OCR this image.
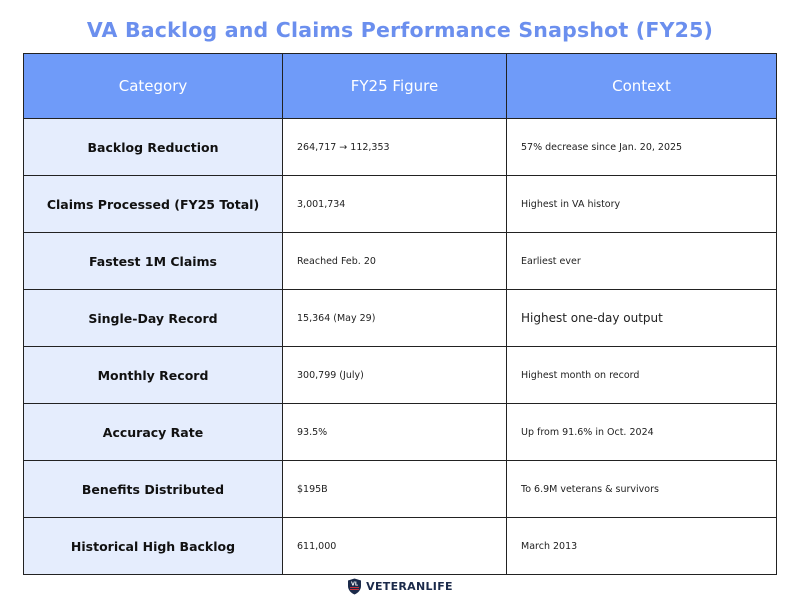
VA Backlog and Claims Performance Snapshot (FY25)
Category	FY25 Figure	Context
Backlog Reduction	264,717 → 112,353	57% decrease since Jan. 20, 2025
Claims Processed (FY25 Total)	3,001,734	Highest in VA history
Fastest 1M Claims	Reached Feb. 20	Earliest ever
Single-Day Record	15,364 (May 29)	Highest one-day output
Monthly Record	300,799 (July)	Highest month on record
Accuracy Rate	93.5%	Up from 91.6% in Oct. 2024
Benefits Distributed	$195B	To 6.9M veterans & survivors
Historical High Backlog	611,000	March 2013
VL VETERANLIFE
